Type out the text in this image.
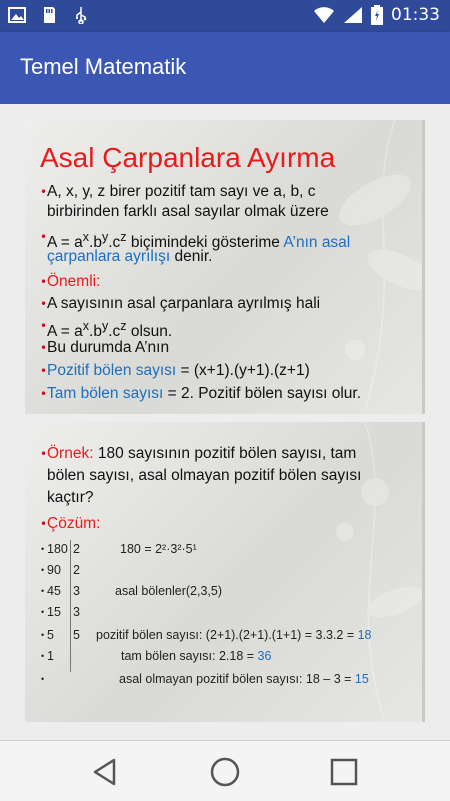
01:33
Temel Matematik
Asal Çarpanlara Ayırma
• A, x, y, z birer pozitif tam sayı ve a, b, c
birbirinden farklı asal sayılar olmak üzere
• $A = a^x.b^y.c^z$ biçimindeki gösterime A’nın asal
çarpanlara ayrılışı denir.
• Önemli:
• A sayısının asal çarpanlara ayrılmış hali
• $A = a^x.b^y.c^z$ olsun.
• Bu durumda A’nın
• Pozitif bölen sayısı = (x+1).(y+1).(z+1)
• Tam bölen sayısı = 2. Pozitif bölen sayısı olur.
• Örnek: 180 sayısının pozitif bölen sayısı, tam
bölen sayısı, asal olmayan pozitif bölen sayısı
kaçtır?
• Çözüm:
• 180 2	180 = 2²·3²·5¹
• 90 2
• 45 3	asal bölenler(2,3,5)
• 15 3
• 5 5 pozitif bölen sayısı: (2+1).(2+1).(1+1) = 3.3.2 = 18
• 1	tam bölen sayısı: 2.18 = 36
•	asal olmayan pozitif bölen sayısı: 18 – 3 = 15
